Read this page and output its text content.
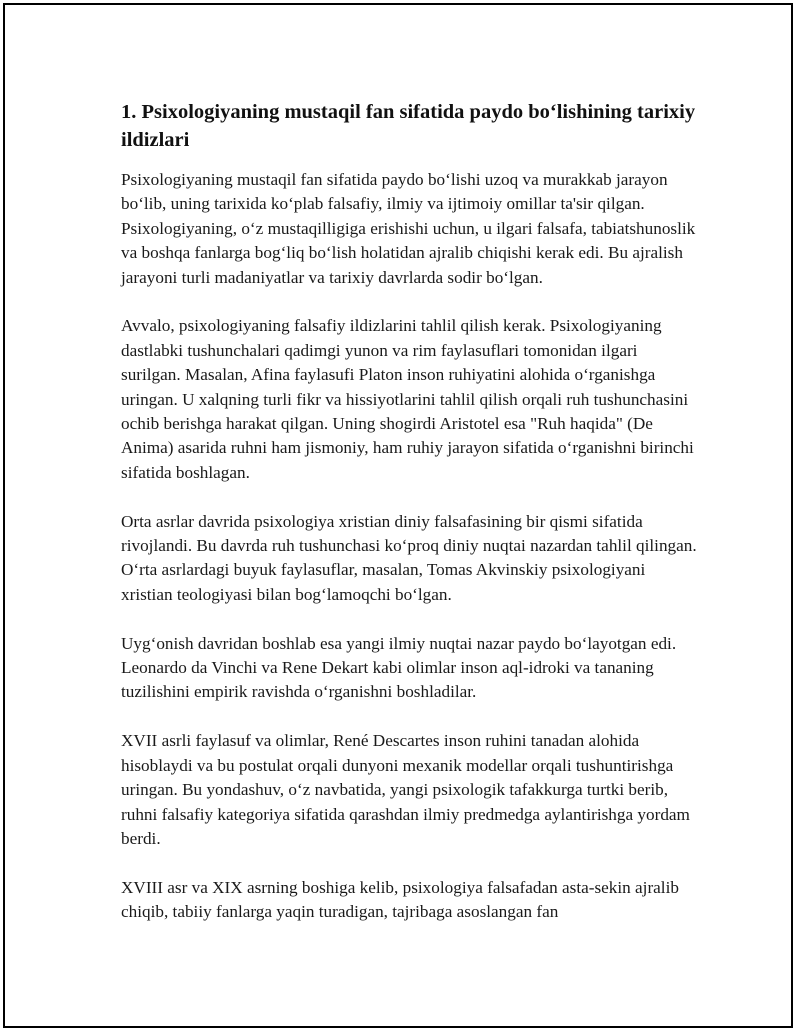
1. Psixologiyaning mustaqil fan sifatida paydo bo‘lishining tarixiy ildizlari

Psixologiyaning mustaqil fan sifatida paydo bo‘lishi uzoq va murakkab jarayon bo‘lib, uning tarixida ko‘plab falsafiy, ilmiy va ijtimoiy omillar ta'sir qilgan. Psixologiyaning, o‘z mustaqilligiga erishishi uchun, u ilgari falsafa, tabiatshunoslik va boshqa fanlarga bog‘liq bo‘lish holatidan ajralib chiqishi kerak edi. Bu ajralish jarayoni turli madaniyatlar va tarixiy davrlarda sodir bo‘lgan.

Avvalo, psixologiyaning falsafiy ildizlarini tahlil qilish kerak. Psixologiyaning dastlabki tushunchalari qadimgi yunon va rim faylasuflari tomonidan ilgari surilgan. Masalan, Afina faylasufi Platon inson ruhiyatini alohida o‘rganishga uringan. U xalqning turli fikr va hissiyotlarini tahlil qilish orqali ruh tushunchasini ochib berishga harakat qilgan. Uning shogirdi Aristotel esa "Ruh haqida" (De Anima) asarida ruhni ham jismoniy, ham ruhiy jarayon sifatida o‘rganishni birinchi sifatida boshlagan.

Orta asrlar davrida psixologiya xristian diniy falsafasining bir qismi sifatida rivojlandi. Bu davrda ruh tushunchasi ko‘proq diniy nuqtai nazardan tahlil qilingan. O‘rta asrlardagi buyuk faylasuflar, masalan, Tomas Akvinskiy psixologiyani xristian teologiyasi bilan bog‘lamoqchi bo‘lgan.

Uyg‘onish davridan boshlab esa yangi ilmiy nuqtai nazar paydo bo‘layotgan edi. Leonardo da Vinchi va Rene Dekart kabi olimlar inson aql-idroki va tananing tuzilishini empirik ravishda o‘rganishni boshladilar.

XVII asrli faylasuf va olimlar, René Descartes inson ruhini tanadan alohida hisoblaydi va bu postulat orqali dunyoni mexanik modellar orqali tushuntirishga uringan. Bu yondashuv, o‘z navbatida, yangi psixologik tafakkurga turtki berib, ruhni falsafiy kategoriya sifatida qarashdan ilmiy predmedga aylantirishga yordam berdi.

XVIII asr va XIX asrning boshiga kelib, psixologiya falsafadan asta-sekin ajralib chiqib, tabiiy fanlarga yaqin turadigan, tajribaga asoslangan fan
